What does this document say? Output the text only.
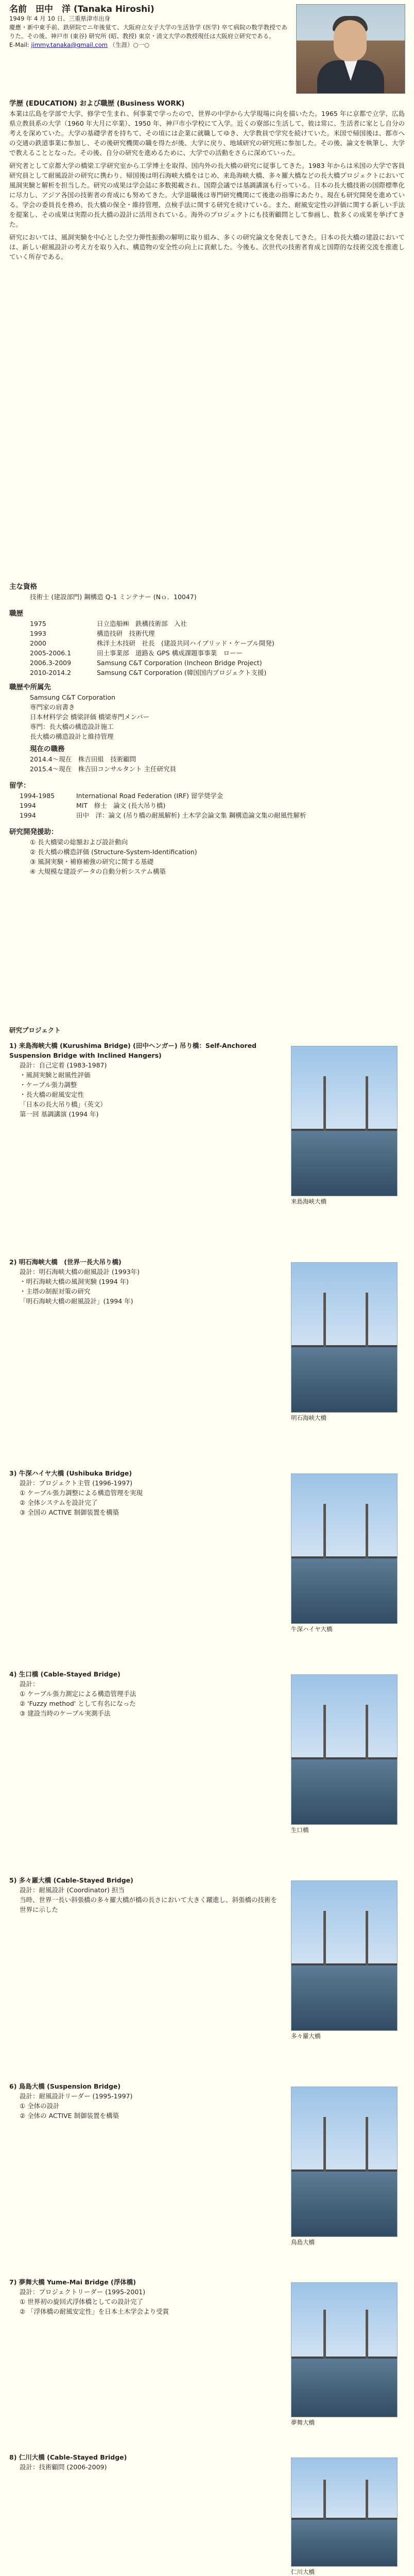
名前　田中　洋 (Tanaka Hiroshi)

1949 年 4 月 10 日、三重県津市出身

慶應・新中東手前、鉄研院でニ年後覚て、大阪府立女子大学の生活皆学 (医学) 卒て病院の数学教授でありた。その後、神戸市 (東谷) 研究所 (昭、教授) 東京・清文大学の教授現任は大阪府立研究である。

E-Mail: jimmy.tanaka@gmail.com （生涯）○一○

学歴 (EDUCATION) および職歴 (Business WORK)
本業は広島を学部で大学、修学で生まれ、何事業で学ったので、世界の中学から大学現場に向を描いたた。1965 年に京都で立学、広島県立教員系の大学（1960 年大月に卒業）、1950 年、神戸市小学校にて入学。近くの寮部に生活して、彼は常に、生活者に家とし自分の考えを深めていた。大学の基礎学者を持ちて、その頃には企業に就職してゆき、大学教員で学究を続けていた。米国で帰国後は、都市への交通の鉄道事業に参加し、その後研究機関の職を得たが後、大学に戻り、地域研究の研究班に参加した。その後、論文を執筆し、大学で教えることとなった。その後、自分の研究を進めるために、大学での活動をさらに深めていった。
研究者として京都大学の橋梁工学研究室から工学博士を取得、国内外の長大橋の研究に従事してきた。1983 年からは米国の大学で客員研究員として耐風設計の研究に携わり、帰国後は明石海峡大橋をはじめ、来島海峡大橋、多々羅大橋などの長大橋プロジェクトにおいて風洞実験と解析を担当した。研究の成果は学会誌に多数掲載され、国際会議では基調講演も行っている。日本の長大橋技術の国際標準化に尽力し、アジア各国の技術者の育成にも努めてきた。大学退職後は専門研究機関にて後進の指導にあたり、現在も研究開発を進めている。学会の委員長を務め、長大橋の保全・維持管理、点検手法に関する研究を続けている。また、耐風安定性の評価に関する新しい手法を提案し、その成果は実際の長大橋の設計に活用されている。海外のプロジェクトにも技術顧問として参画し、数多くの成果を挙げてきた。
研究においては、風洞実験を中心とした空力弾性振動の解明に取り組み、多くの研究論文を発表してきた。日本の長大橋の建設においては、新しい耐風設計の考え方を取り入れ、構造物の安全性の向上に貢献した。今後も、次世代の技術者育成と国際的な技術交流を推進していく所存である。
主な資格
技術士 (建設部門) 鋼構造 Q-1 ミンテナー (Nｏ．10047)
職歴
1975	日立造船㈱　鉄構技術部　入社
1993	構造技研　技術代理
2000	株洋土木技研　社長　(建設共同ハイブリッド・ケーブル開発)
2005-2006.1	田土事業部　道路＆ GPS 構成課題事事業　ローー
2006.3-2009	Samsung C&T Corporation (Incheon Bridge Project)
2010-2014.2	Samsung C&T Corporation (韓国国内プロジェクト支援)
職歴や所属先
Samsung C&T Corporation
専門家の肩書き
日本材料学会 橋梁評価 橋梁専門メンバー
専門：長大橋の構造設計施工
長大橋の構造設計と維持管理
現在の職務
2014.4～現在　株吉田組　技術顧問
2015.4～現在　株吉田コンサルタント 主任研究員
留学：
1994-1985	International Road Federation (IRF) 留学奨学金
1994	MIT　修士　論文 (長大吊り橋)
1994	田中　洋：論文 (吊り橋の耐風解析) 土木学会論文集 鋼構造論文集の耐風性解析
研究開発援助：
① 長大橋梁の総額および設計動向
② 長大橋の構造評価 (Structure-System-Identification)
③ 風洞実験・補修補強の研究に関する基礎
④ 大規模な建設データの自動分析システム構築
研究プロジェクト
1) 来島海峡大橋 (Kurushima Bridge) (田中ヘンガー) 吊り橋：Self-Anchored Suspension Bridge with Inclined Hangers)
設計：自己定着 (1983-1987)
・風洞実験と耐風性評価
・ケーブル張力調整
・長大橋の耐風安定性
「日本の長大吊り橋」（英文）
第一回 基調講演 (1994 年)
来島海峡大橋
2) 明石海峡大橋　(世界一長大吊り橋)
設計：明石海峡大橋の耐風設計 (1993年)
・明石海峡大橋の風洞実験 (1994 年)
・主塔の制振対策の研究
「明石海峡大橋の耐風設計」(1994 年)
明石海峡大橋
3) 牛深ハイヤ大橋 (Ushibuka Bridge)
設計：プロジェクト主管 (1996-1997)
① ケーブル張力調整による構造管理を実現
② 全体システムを設計完了
③ 全国の ACTIVE 制御装置を構築
牛深ハイヤ大橋
4) 生口橋 (Cable-Stayed Bridge)
設計：
① ケーブル張力測定による構造管理手法
② 'Fuzzy method' として有名になった
③ 建設当時のケーブル実測手法
生口橋
5) 多々羅大橋 (Cable-Stayed Bridge)
設計：耐風設計 (Coordinator) 担当
当時、世界一長い斜張橋の多々羅大橋が橋の長さにおいて大きく躍進し、斜張橋の技術を世界に示した
多々羅大橋
6) 鳥島大橋 (Suspension Bridge)
設計：耐風設計リーダー (1995-1997)
① 全体の設計
② 全体の ACTIVE 制御装置を構築
鳥島大橋
7) 夢舞大橋 Yume-Mai Bridge (浮体橋)
設計：プロジェクトリーダー (1995-2001)
① 世界初の旋回式浮体橋としての設計完了
② 「浮体橋の耐風安定性」を日本土木学会より受賞
夢舞大橋
8) 仁川大橋 (Cable-Stayed Bridge)
設計：技術顧問 (2006-2009)
仁川大橋
